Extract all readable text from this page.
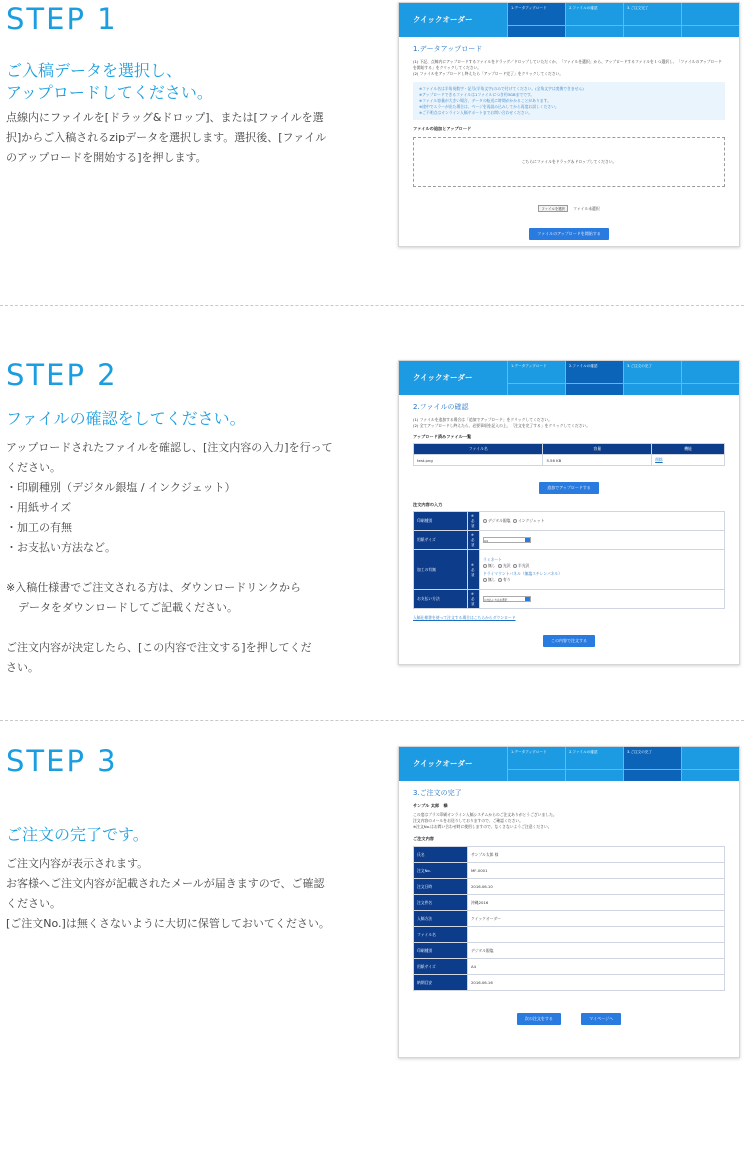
STEP 1
ご入稿データを選択し、
アップロードしてください。

点線内にファイルを[ドラッグ&ドロップ]、または[ファイルを選

択]からご入稿されるzipデータを選択します。選択後、[ファイル

のアップロードを開始する]を押します。

クイックオーダー
1.データアップロード	2.ファイルの確認	3.ご注文完了
1.データアップロード
(1) 下記、点線内にアップロードするファイルをドラッグ／ドロップしていただくか、「ファイルを選択」から、アップロードするファイルを１つ選択し、「ファイルのアップロードを開始する」をクリックしてください。
(2) ファイルをアップロードし終えたら「アップロード完了」をクリックしてください。
※ファイル名は半角英数字・記号(半角文字)のみで付けてください。(全角文字は変換できません)
※アップロードできるファイルは1ファイルにつき約3GBまでです。
※ファイル容量が大きい場合、データの転送に時間がかかることがあります。
※途中でエラーが出た場合は、ページを再読み込みしてから再度お試しください。
※ご不明点はオンライン入稿サポートまでお問い合わせください。
ファイルの追加とアップロード
こちらにファイルをドラッグ＆ドロップしてください。
ファイルを選択 ファイル未選択
ファイルのアップロードを開始する
STEP 2
ファイルの確認をしてください。

アップロードされたファイルを確認し、[注文内容の入力]を行って

ください。

・印刷種別（デジタル銀塩 / インクジェット）

・用紙サイズ

・加工の有無

・お支払い方法など。

※入稿仕様書でご注文される方は、ダウンロードリンクから

データをダウンロードしてご記載ください。

ご注文内容が決定したら、[この内容で注文する]を押してくだ

さい。

クイックオーダー
1.データアップロード	2.ファイルの確認	3.ご注文の完了
2.ファイルの確認
(1) ファイルを追加する場合は「追加でアップロード」をクリックしてください。
(2) 全てアップロードし終えたら、必要事項を記入の上、「注文を完了する」をクリックしてください。
アップロード済みファイル一覧
ファイル名	容量	機能
test.png	5.56 KB	削除
追加でアップロードする
注文内容の入力
印刷種別	※必須	デジタル銀塩 インクジェット
用紙サイズ	※必須	A4
加工の有無	※必須	ラミネート
無し 光沢 半光沢
ドライマウントパネル（無塩スチレンパネル）
無し 有り

お支払い方法	※必須	お支払い方法を選択
入稿仕様書を使って注文する場合はこちらからダウンロード
この内容で注文する
STEP 3
ご注文の完了です。

ご注文内容が表示されます。

お客様へご注文内容が記載されたメールが届きますので、ご確認

ください。

[ご注文No.]は無くさないように大切に保管しておいてください。

クイックオーダー
1.データアップロード	2.ファイルの確認	3.ご注文の完了
3.ご注文の完了
サンプル 太郎　様
この度はプラス印刷オンライン入稿システムからのご注文ありがとうございました。
注文内容のメールをお送りしておりますので、ご確認ください。
※注文No.はお問い合わせ時に使用しますので、なくさないようご注意ください。
ご注文内容
氏名	サンプル太郎 様
注文No.	MF-0001
注文日時	2016.06.10
注文件名	沖縄2016
入稿方法	クイックオーダー
ファイル名	
印刷種別	デジタル銀塩
用紙サイズ	A4
納期目安	2016.06.16
次の注文をする	マイページへ
